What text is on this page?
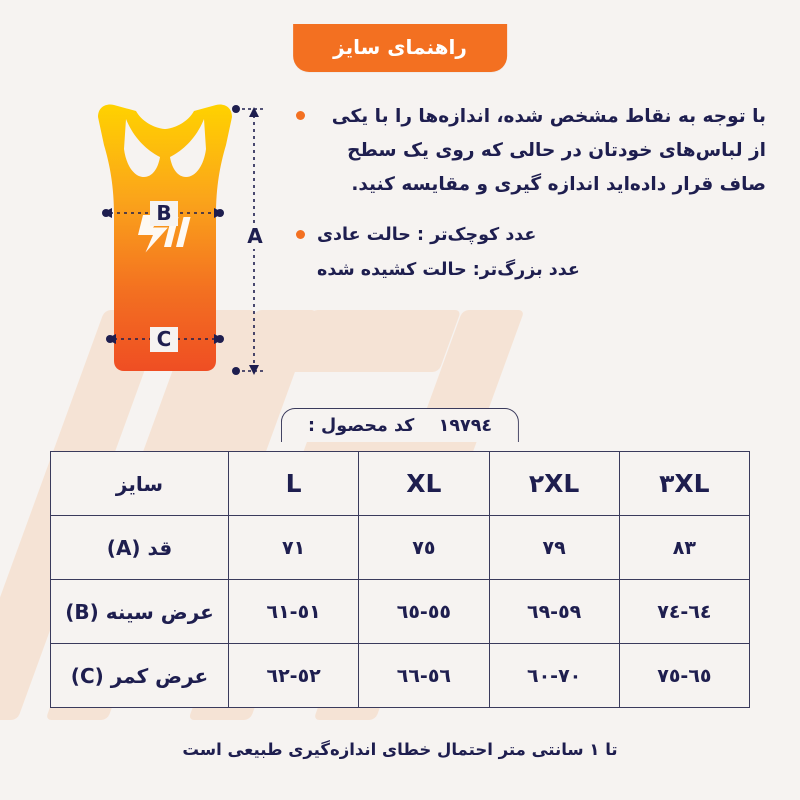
راهنمای سایز
A
B
C

با توجه به نقاط مشخص شده، اندازه‌ها را با یکی از لباس‌های خودتان در حالی که روی یک سطح صاف قرار داده‌اید اندازه گیری و مقایسه کنید.

عدد کوچک‌تر : حالت عادی

عدد بزرگ‌تر: حالت کشیده شده

۱۹۷۹٤    کد محصول :
۳XL	۲XL	XL	L	سایز
۸۳	۷۹	۷٥	۷۱	قد (A)
٦٤-۷٤	٥۹-٦۹	٥٥-٦٥	٥۱-٦۱	عرض سینه (B)
٦٥-۷٥	٦۰-۷۰	٥٦-٦٦	٥۲-٦۲	عرض کمر (C)
تا ۱ سانتی متر احتمال خطای اندازه‌گیری طبیعی است
